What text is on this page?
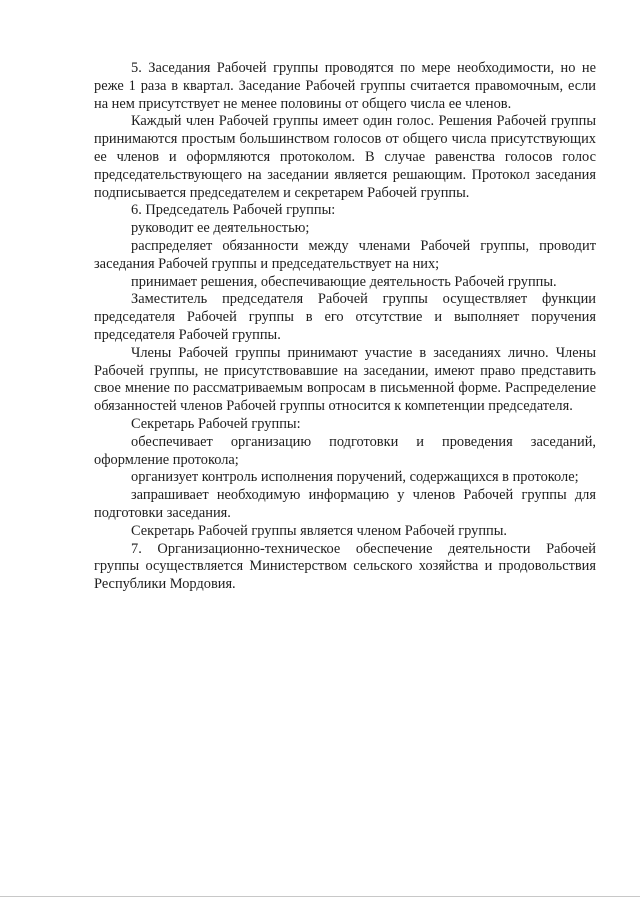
5. Заседания Рабочей группы проводятся по мере необходимости, но не реже 1 раза в квартал. Заседание Рабочей группы считается правомочным, если на нем присутствует не менее половины от общего числа ее членов.

Каждый член Рабочей группы имеет один голос. Решения Рабочей группы принимаются простым большинством голосов от общего числа присутствующих ее членов и оформляются протоколом. В случае равенства голосов голос председательствующего на заседании является решающим. Протокол заседания подписывается председателем и секретарем Рабочей группы.

6. Председатель Рабочей группы:

руководит ее деятельностью;

распределяет обязанности между членами Рабочей группы, проводит заседания Рабочей группы и председательствует на них;

принимает решения, обеспечивающие деятельность Рабочей группы.

Заместитель председателя Рабочей группы осуществляет функции председателя Рабочей группы в его отсутствие и выполняет поручения председателя Рабочей группы.

Члены Рабочей группы принимают участие в заседаниях лично. Члены Рабочей группы, не присутствовавшие на заседании, имеют право представить свое мнение по рассматриваемым вопросам в письменной форме. Распределение обязанностей членов Рабочей группы относится к компетенции председателя.

Секретарь Рабочей группы:

обеспечивает организацию подготовки и проведения заседаний, оформление протокола;

организует контроль исполнения поручений, содержащихся в протоколе;

запрашивает необходимую информацию у членов Рабочей группы для подготовки заседания.

Секретарь Рабочей группы является членом Рабочей группы.

7. Организационно-техническое обеспечение деятельности Рабочей группы осуществляется Министерством сельского хозяйства и продовольствия Республики Мордовия.
